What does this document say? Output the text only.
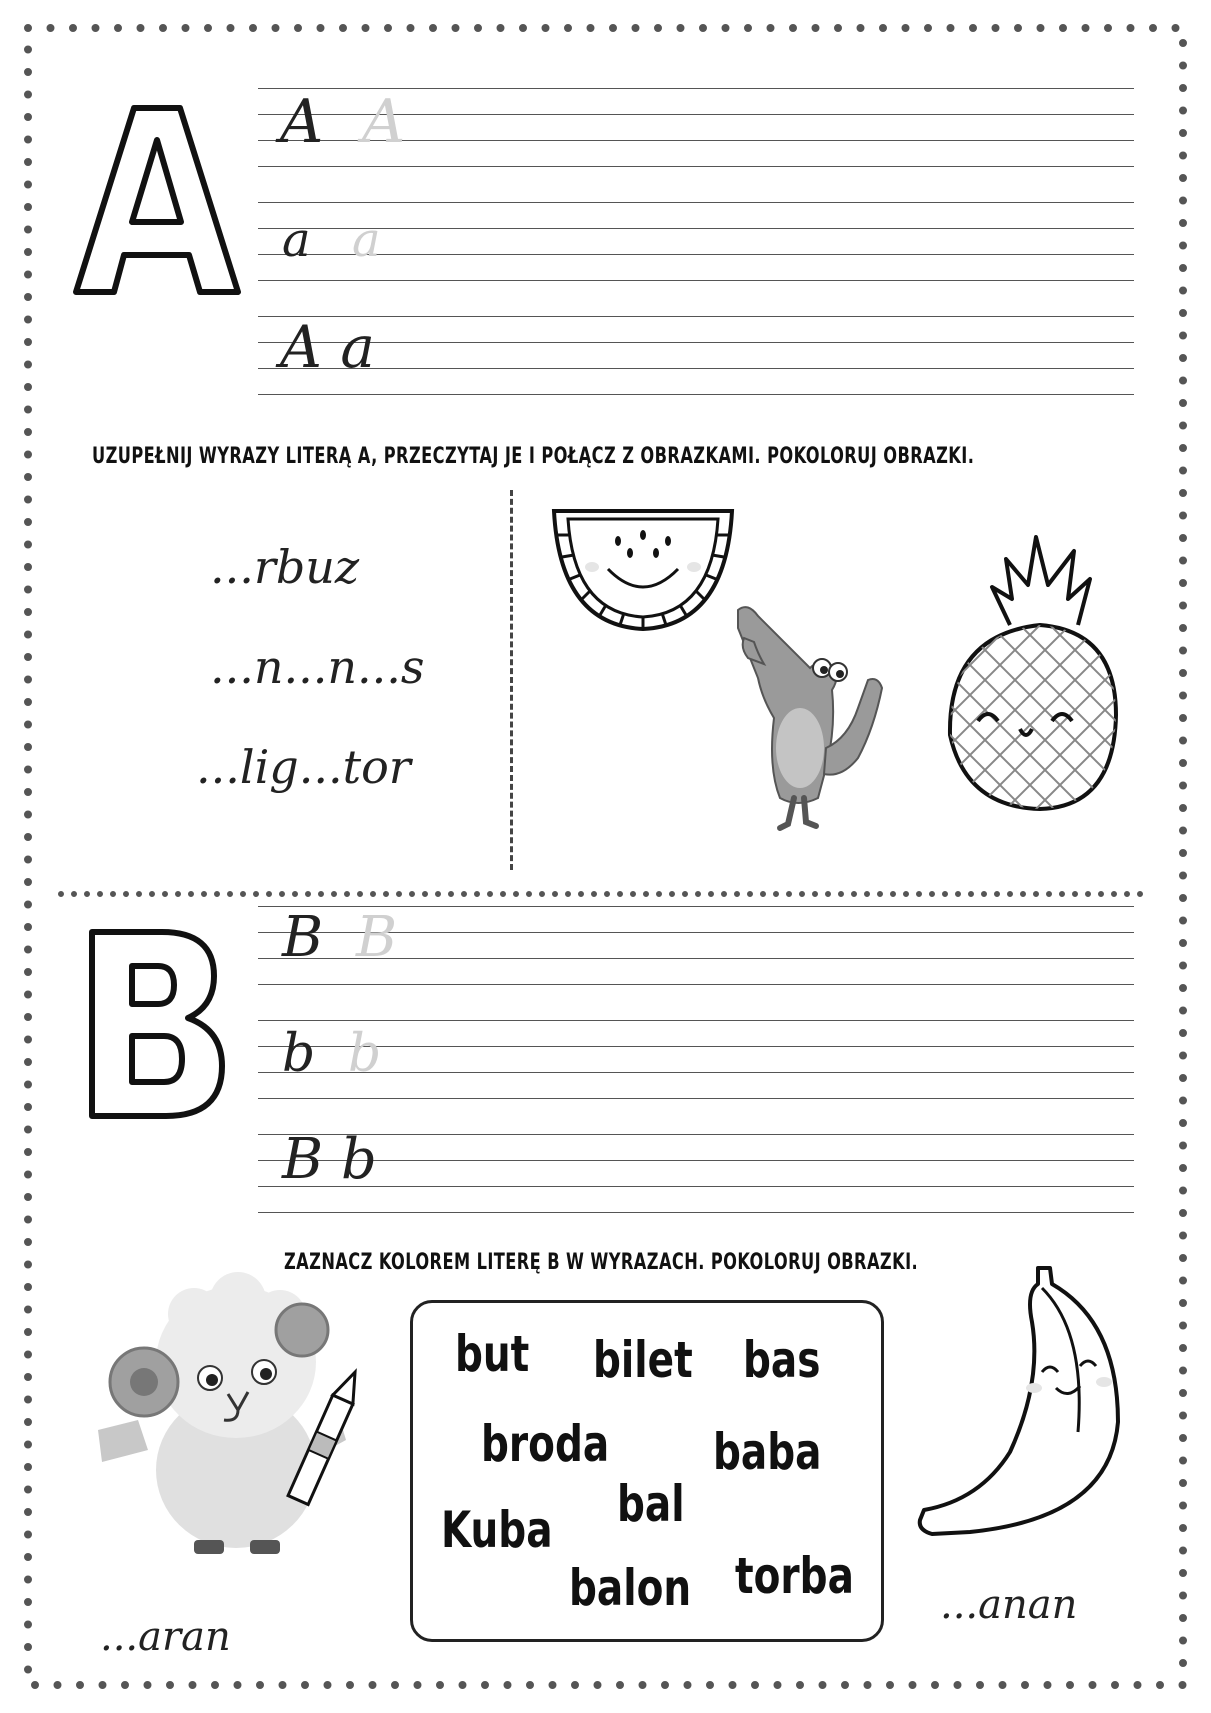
A A
a a
A a
UZUPEŁNIJ WYRAZY LITERĄ A, PRZECZYTAJ JE I POŁĄCZ Z OBRAZKAMI. POKOLORUJ OBRAZKI.
...rbuz
...n...n...s
...lig...tor
B B
b b
B b
ZAZNACZ KOLOREM LITERĘ B W WYRAZACH. POKOLORUJ OBRAZKI.
...aran
but bilet bas
broda baba
bal
Kuba
balon torba ...anan
